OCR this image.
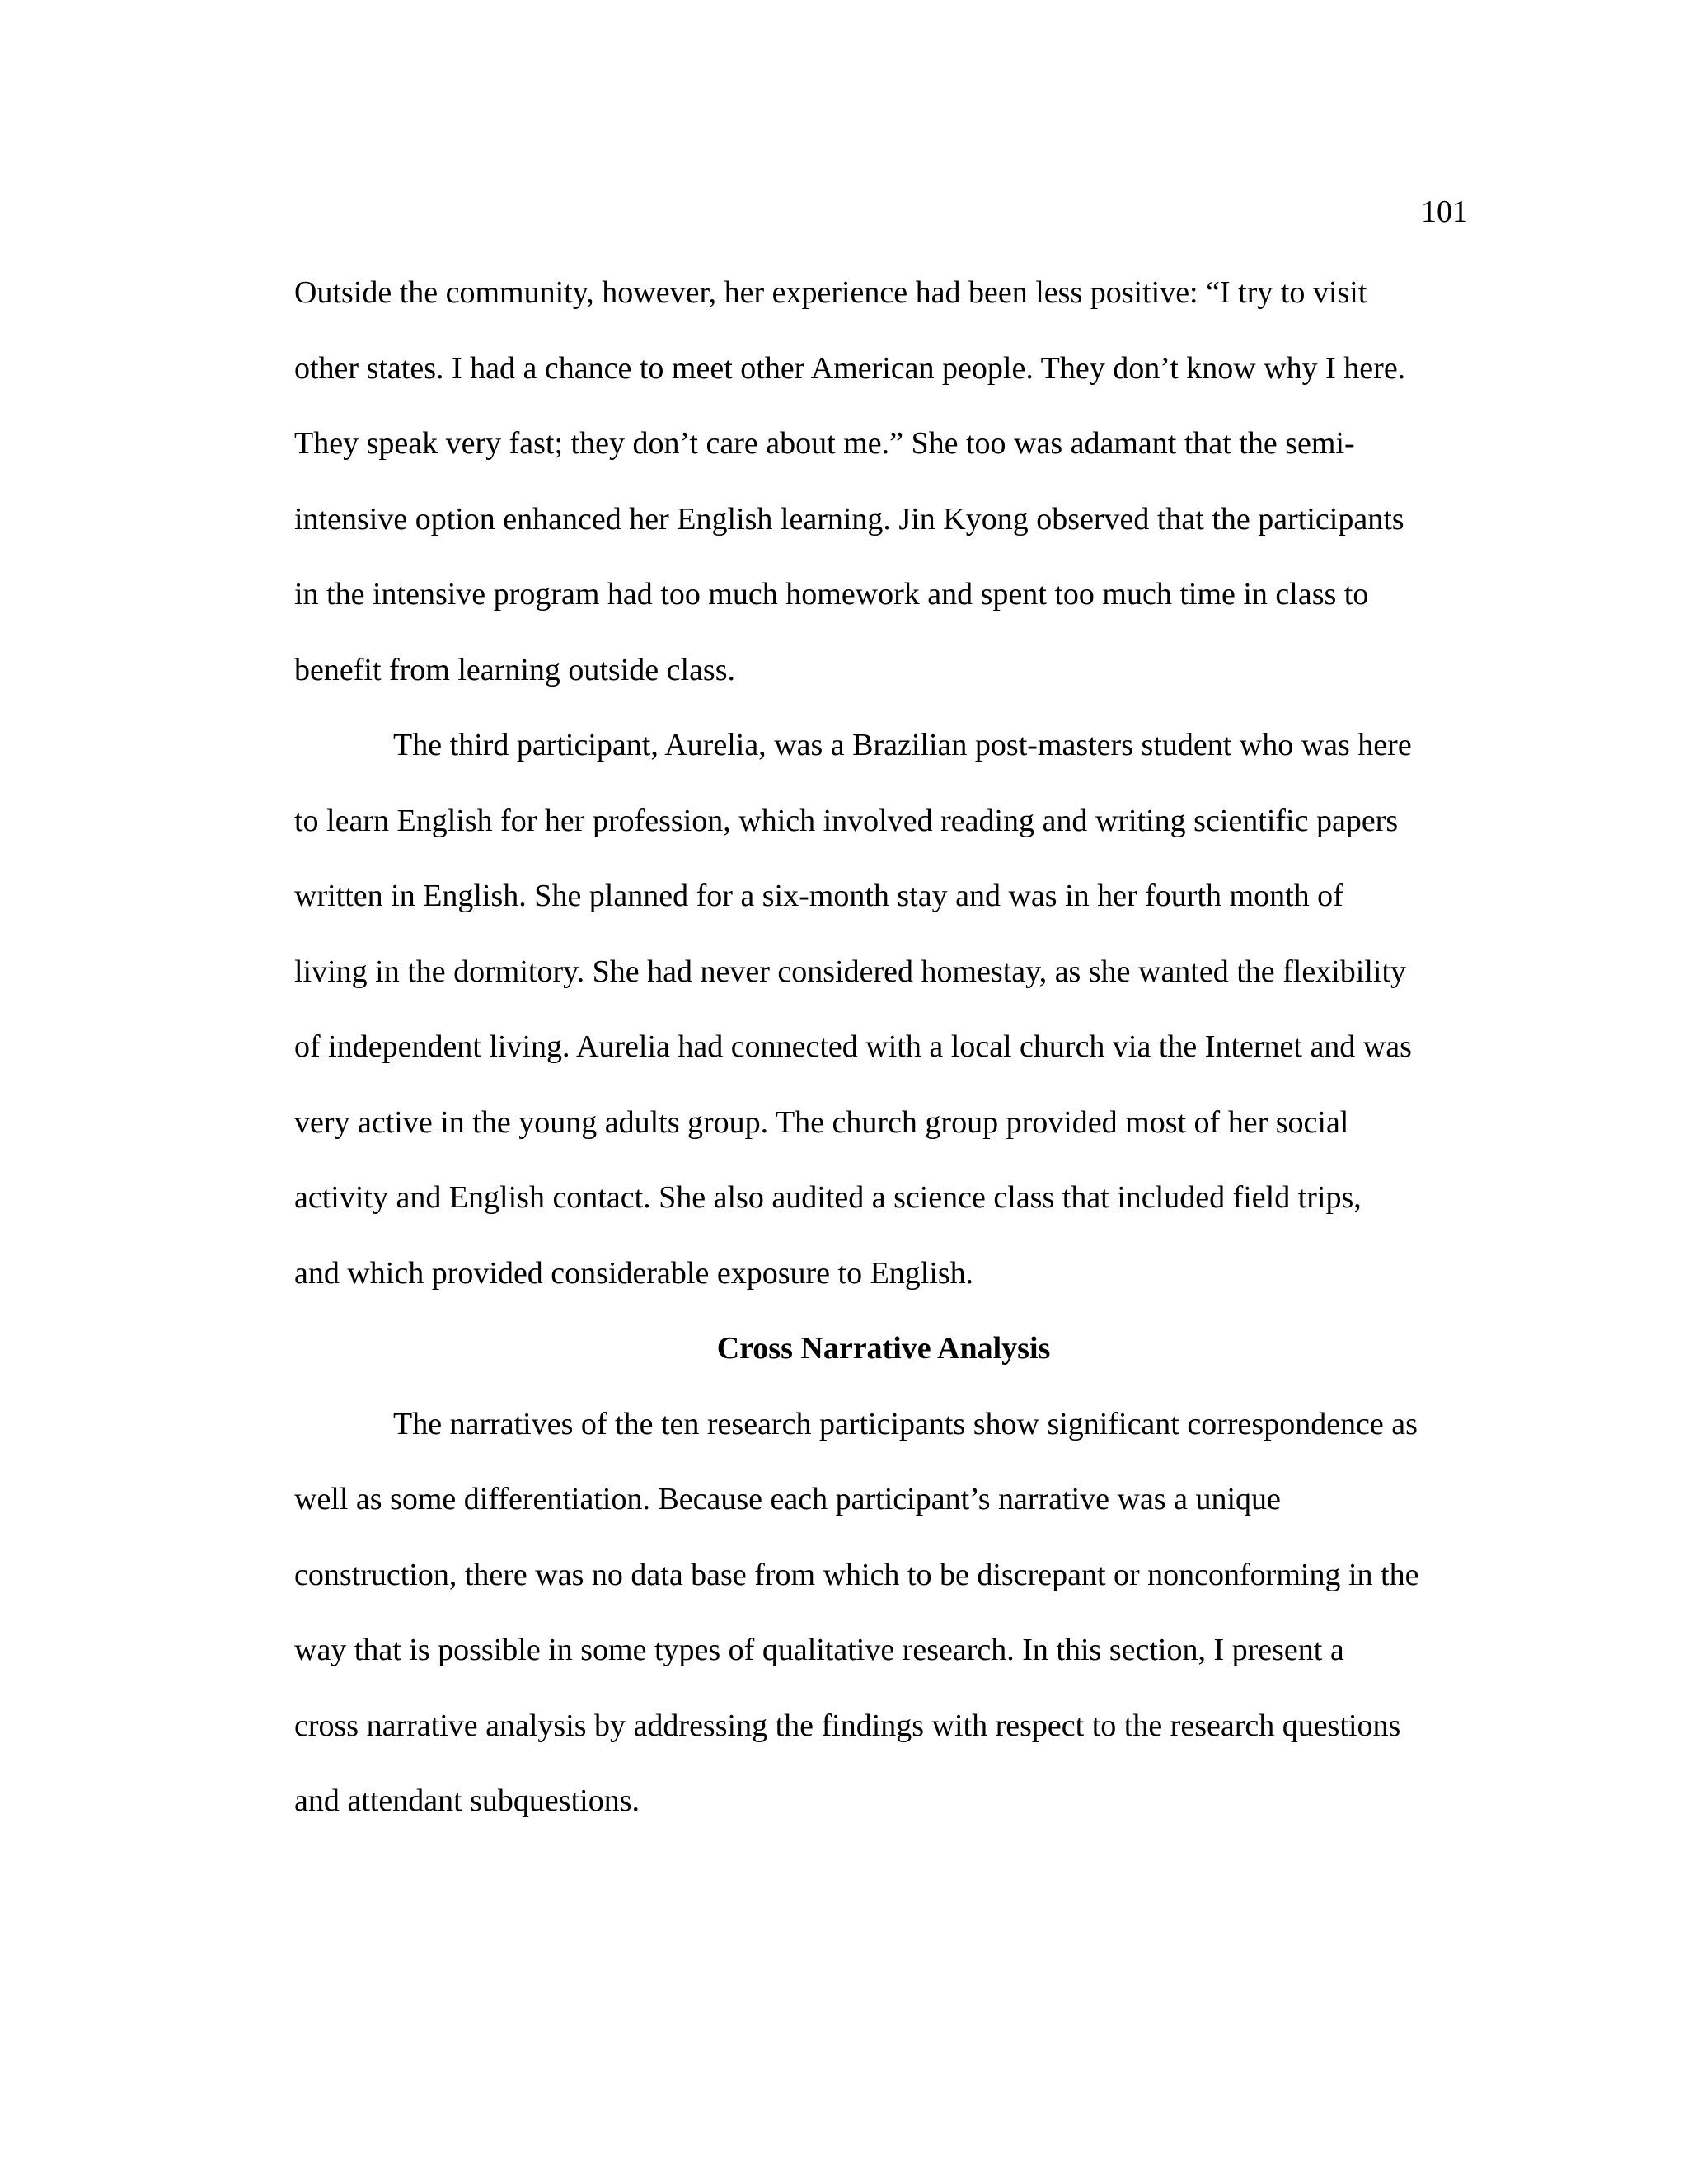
101
Outside the community, however, her experience had been less positive: “I try to visit
other states. I had a chance to meet other American people. They don’t know why I here.
They speak very fast; they don’t care about me.” She too was adamant that the semi-
intensive option enhanced her English learning. Jin Kyong observed that the participants
in the intensive program had too much homework and spent too much time in class to
benefit from learning outside class.
The third participant, Aurelia, was a Brazilian post-masters student who was here
to learn English for her profession, which involved reading and writing scientific papers
written in English. She planned for a six-month stay and was in her fourth month of
living in the dormitory. She had never considered homestay, as she wanted the flexibility
of independent living. Aurelia had connected with a local church via the Internet and was
very active in the young adults group. The church group provided most of her social
activity and English contact. She also audited a science class that included field trips,
and which provided considerable exposure to English.
Cross Narrative Analysis
The narratives of the ten research participants show significant correspondence as
well as some differentiation. Because each participant’s narrative was a unique
construction, there was no data base from which to be discrepant or nonconforming in the
way that is possible in some types of qualitative research. In this section, I present a
cross narrative analysis by addressing the findings with respect to the research questions
and attendant subquestions.
